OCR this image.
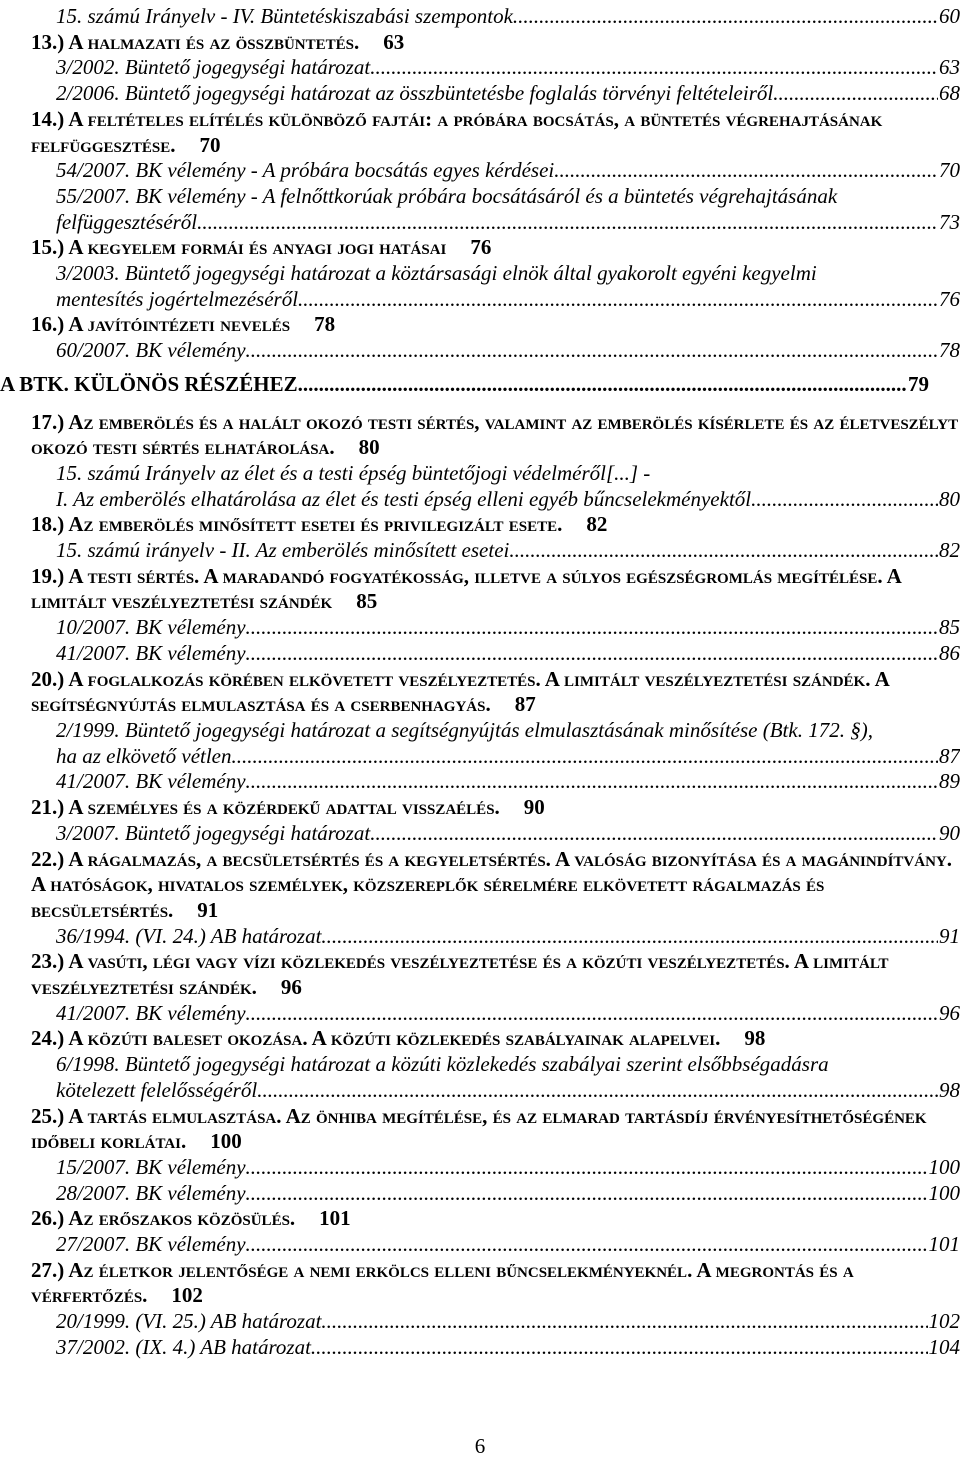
15. számú Irányelv - IV. Büntetéskiszabási szempontok .....	60
13.) A halmazati és az összbüntetés. 63
3/2002. Büntető jogegységi határozat .....	63
2/2006. Büntető jogegységi határozat az összbüntetésbe foglalás törvényi feltételeiről .....	68
14.) A feltételes elítélés különböző fajtái: a próbára bocsátás, a büntetés végrehajtásának felfüggesztése. 70
54/2007. BK vélemény - A próbára bocsátás egyes kérdései .....	70
55/2007. BK vélemény - A felnőttkorúak próbára bocsátásáról és a büntetés végrehajtásának
felfüggesztéséről .....	73
15.) A kegyelem formái és anyagi jogi hatásai 76
3/2003. Büntető jogegységi határozat a köztársasági elnök által gyakorolt egyéni kegyelmi
mentesítés jogértelmezéséről .....	76
16.) A javítóintézeti nevelés 78
60/2007. BK vélemény .....	78
A BTK. KÜLÖNÖS RÉSZÉHEZ .....	79
17.) Az emberölés és a halált okozó testi sértés, valamint az emberölés kísérlete és az életveszélyt okozó testi sértés elhatárolása. 80
15. számú Irányelv az élet és a testi épség büntetőjogi védelméről[...] -
I. Az emberölés elhatárolása az élet és testi épség elleni egyéb bűncselekményektől .....	80
18.) Az emberölés minősített esetei és privilegizált esete. 82
15. számú irányelv - II. Az emberölés minősített esetei .....	82
19.) A testi sértés. A maradandó fogyatékosság, illetve a súlyos egészségromlás megítélése. A limitált veszélyeztetési szándék 85
10/2007. BK vélemény .....	85
41/2007. BK vélemény .....	86
20.) A foglalkozás körében elkövetett veszélyeztetés. A limitált veszélyeztetési szándék. A segítségnyújtás elmulasztása és a cserbenhagyás. 87
2/1999. Büntető jogegységi határozat a segítségnyújtás elmulasztásának minősítése (Btk. 172. §),
ha az elkövető vétlen .....	87
41/2007. BK vélemény .....	89
21.) A személyes és a közérdekű adattal visszaélés. 90
3/2007. Büntető jogegységi határozat .....	90
22.) A rágalmazás, a becsületsértés és a kegyeletsértés. A valóság bizonyítása és a magánindítvány. A hatóságok, hivatalos személyek, közszereplők sérelmére elkövetett rágalmazás és becsületsértés. 91
36/1994. (VI. 24.) AB határozat .....	91
23.) A vasúti, légi vagy vízi közlekedés veszélyeztetése és a közúti veszélyeztetés. A limitált veszélyeztetési szándék. 96
41/2007. BK vélemény .....	96
24.) A közúti baleset okozása. A közúti közlekedés szabályainak alapelvei. 98
6/1998. Büntető jogegységi határozat a közúti közlekedés szabályai szerint elsőbbségadásra
kötelezett felelősségéről .....	98
25.) A tartás elmulasztása. Az önhiba megítélése, és az elmarad tartásdíj érvényesíthetőségének időbeli korlátai. 100
15/2007. BK vélemény .....	100
28/2007. BK vélemény .....	100
26.) Az erőszakos közösülés. 101
27/2007. BK vélemény .....	101
27.) Az életkor jelentősége a nemi erkölcs elleni bűncselekményeknél. A megrontás és a vérfertőzés. 102
20/1999. (VI. 25.) AB határozat .....	102
37/2002. (IX. 4.) AB határozat .....	104
6
